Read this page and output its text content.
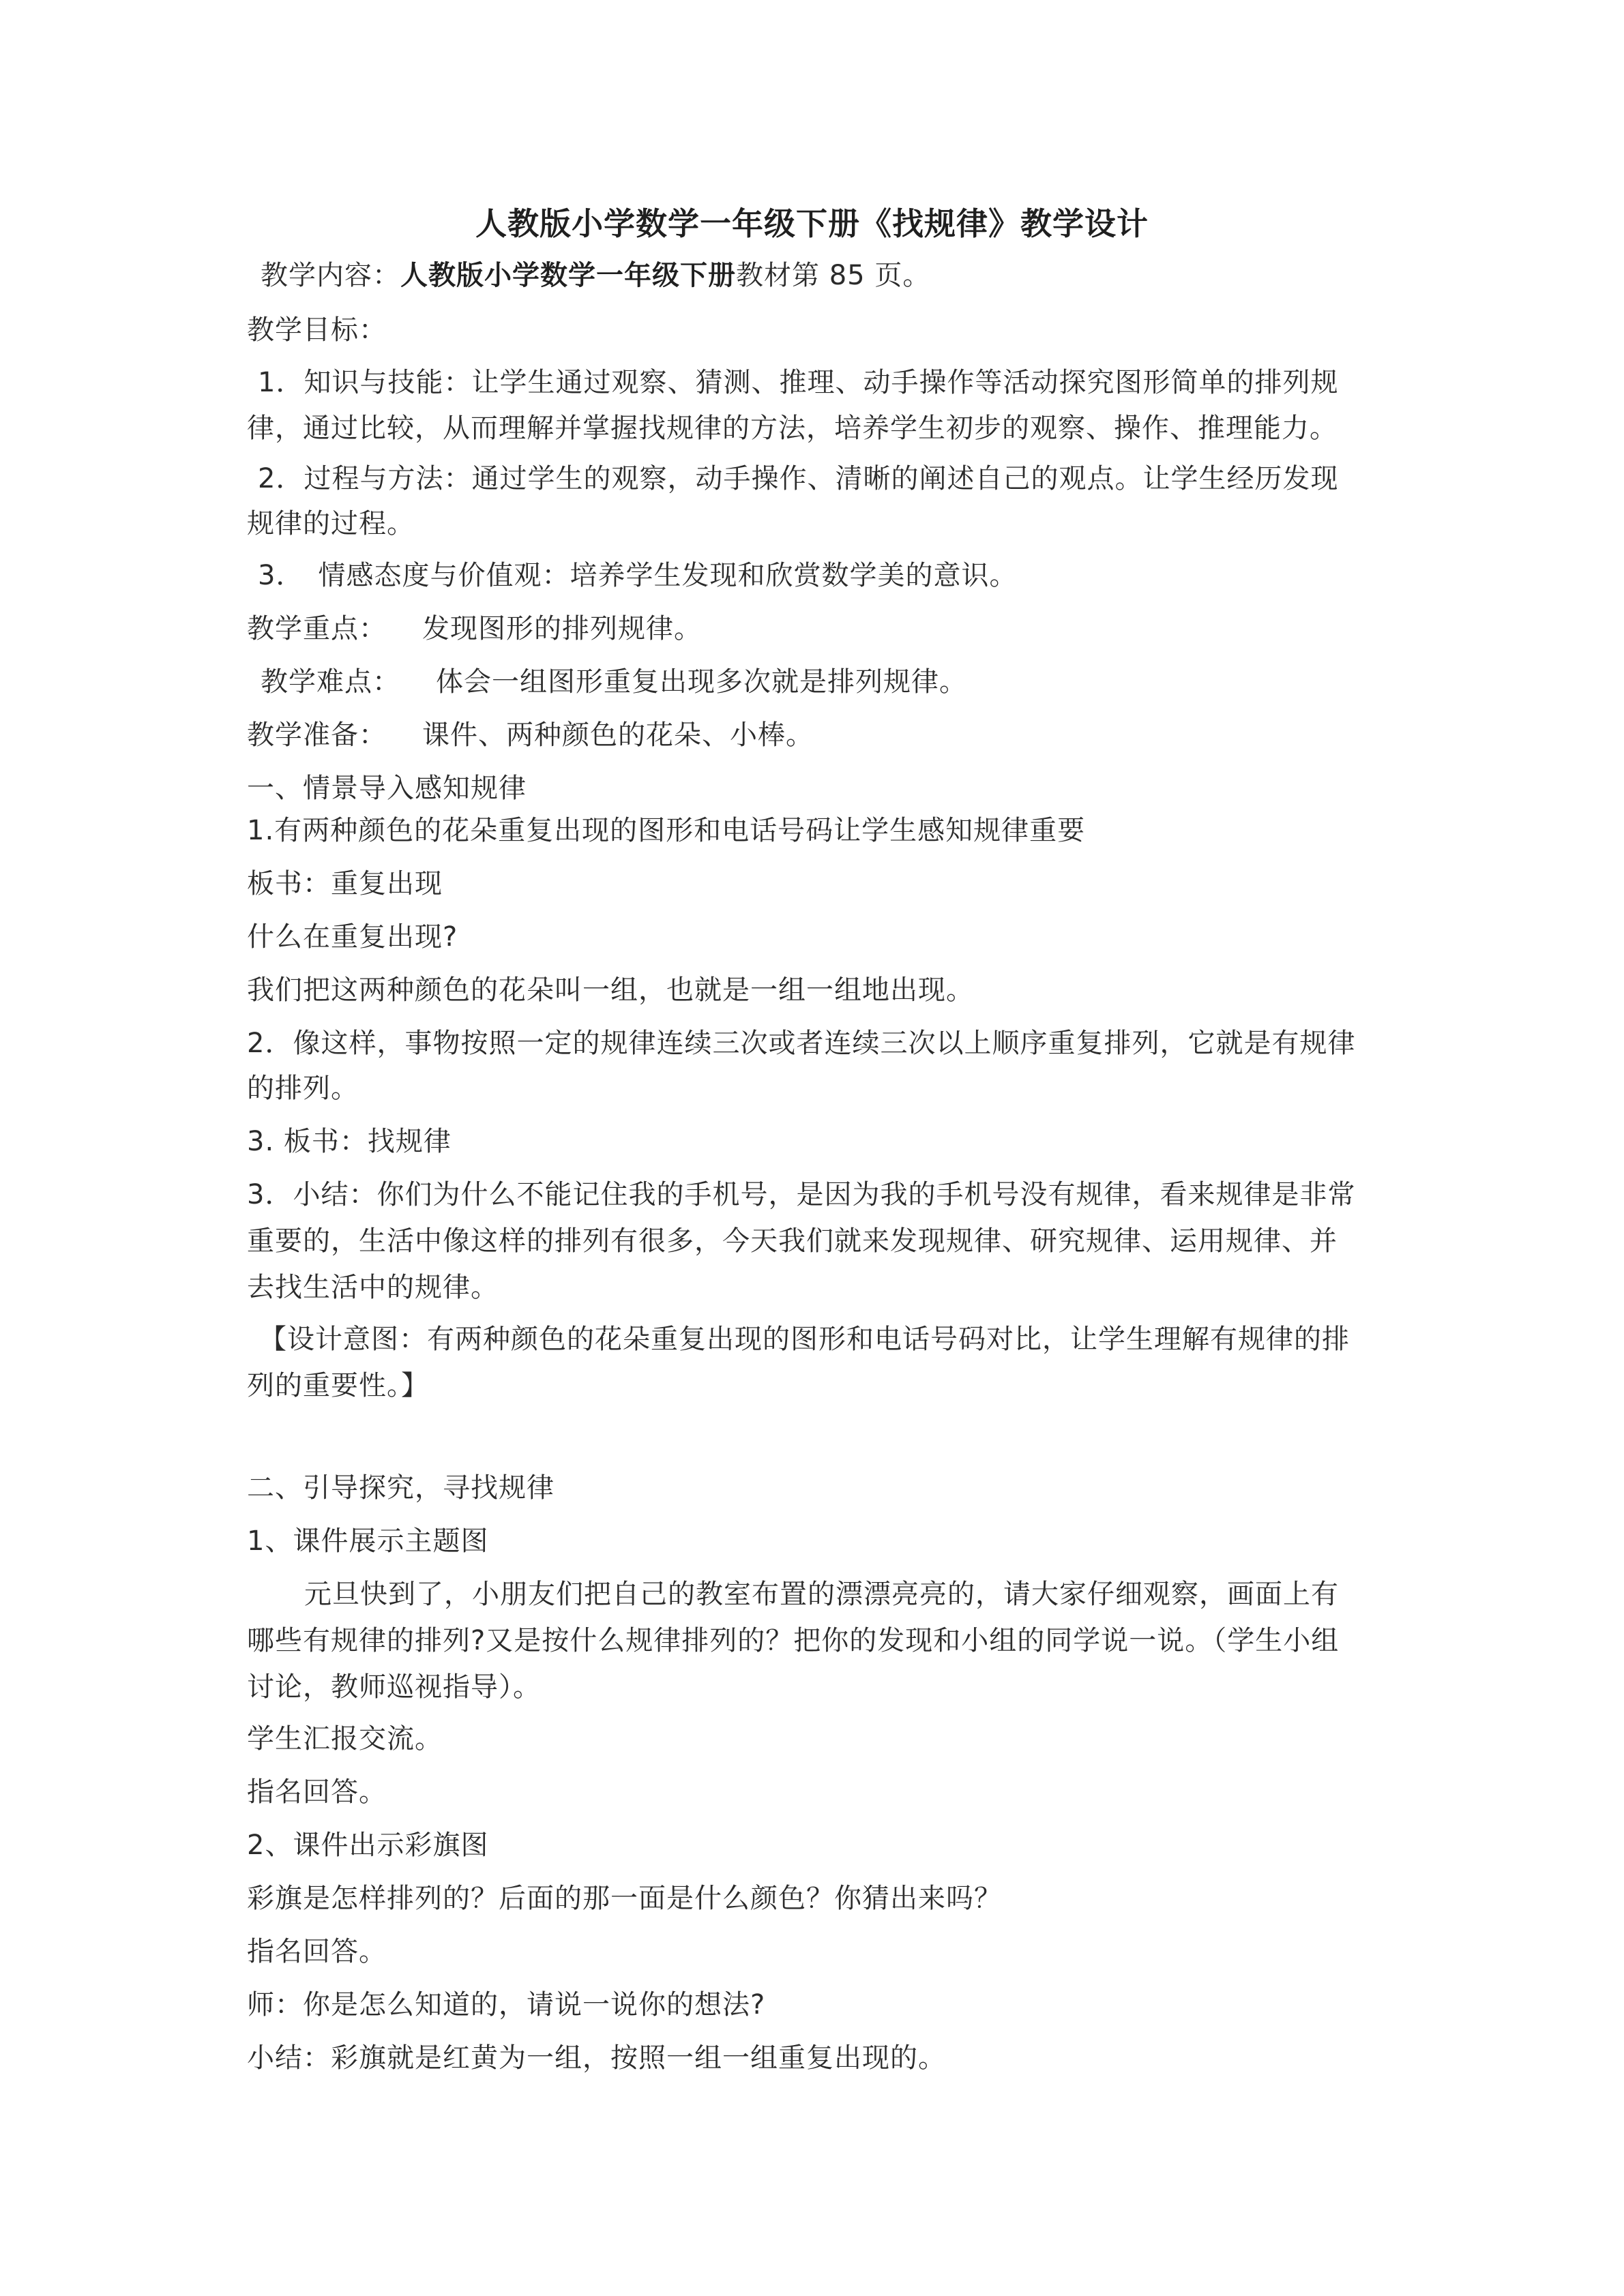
人教版小学数学一年级下册《找规律》教学设计
教学内容：人教版小学数学一年级下册教材第 85 页。
教学目标：
1．知识与技能：让学生通过观察、猜测、推理、动手操作等活动探究图形简单的排列规
律，通过比较，从而理解并掌握找规律的方法，培养学生初步的观察、操作、推理能力。
2．过程与方法：通过学生的观察，动手操作、清晰的阐述自己的观点。让学生经历发现
规律的过程。
3．　情感态度与价值观：培养学生发现和欣赏数学美的意识。
教学重点： 发现图形的排列规律。
教学难点： 体会一组图形重复出现多次就是排列规律。
教学准备： 课件、两种颜色的花朵、小棒。
一、情景导入感知规律
1.有两种颜色的花朵重复出现的图形和电话号码让学生感知规律重要
板书：重复出现
什么在重复出现?
我们把这两种颜色的花朵叫一组，也就是一组一组地出现。
2．像这样，事物按照一定的规律连续三次或者连续三次以上顺序重复排列，它就是有规律
的排列。
3. 板书：找规律
3．小结：你们为什么不能记住我的手机号，是因为我的手机号没有规律，看来规律是非常
重要的，生活中像这样的排列有很多，今天我们就来发现规律、研究规律、运用规律、并
去找生活中的规律。
【设计意图：有两种颜色的花朵重复出现的图形和电话号码对比，让学生理解有规律的排
列的重要性。】
二、引导探究，寻找规律
1、课件展示主题图
元旦快到了，小朋友们把自己的教室布置的漂漂亮亮的，请大家仔细观察，画面上有
哪些有规律的排列?又是按什么规律排列的？把你的发现和小组的同学说一说。（学生小组
讨论，教师巡视指导）。
学生汇报交流。
指名回答。
2、课件出示彩旗图
彩旗是怎样排列的？后面的那一面是什么颜色？你猜出来吗？
指名回答。
师：你是怎么知道的，请说一说你的想法?
小结：彩旗就是红黄为一组，按照一组一组重复出现的。
